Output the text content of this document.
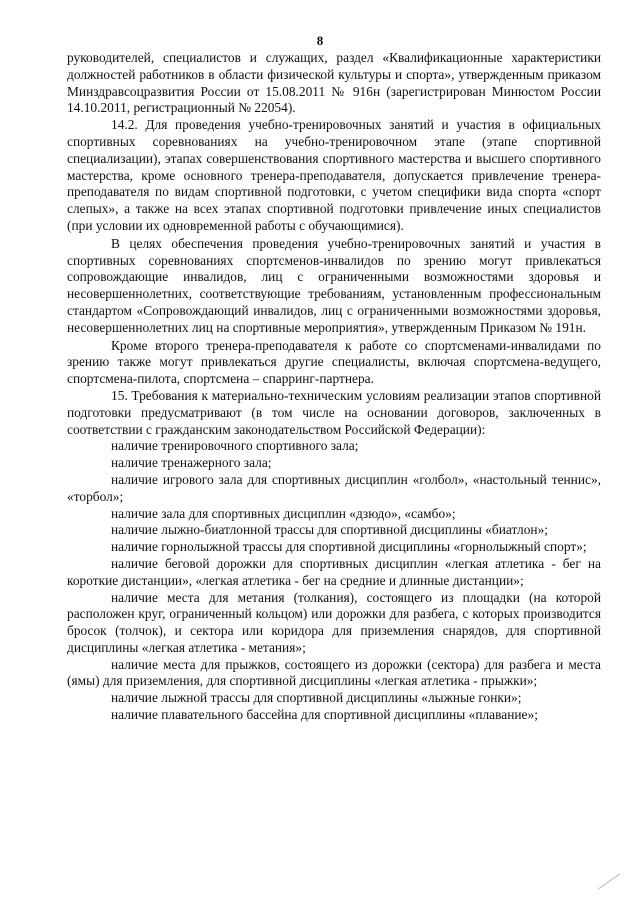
8

руководителей, специалистов и служащих, раздел «Квалификационные характеристики должностей работников в области физической культуры и спорта», утвержденным приказом Минздравсоцразвития России от 15.08.2011 № 916н (зарегистрирован Минюстом России 14.10.2011, регистрационный № 22054).

14.2. Для проведения учебно-тренировочных занятий и участия в официальных спортивных соревнованиях на учебно-тренировочном этапе (этапе спортивной специализации), этапах совершенствования спортивного мастерства и высшего спортивного мастерства, кроме основного тренера-преподавателя, допускается привлечение тренера-преподавателя по видам спортивной подготовки, с учетом специфики вида спорта «спорт слепых», а также на всех этапах спортивной подготовки привлечение иных специалистов (при условии их одновременной работы с обучающимися).

В целях обеспечения проведения учебно-тренировочных занятий и участия в спортивных соревнованиях спортсменов-инвалидов по зрению могут привлекаться сопровождающие инвалидов, лиц с ограниченными возможностями здоровья и несовершеннолетних, соответствующие требованиям, установленным профессиональным стандартом «Сопровождающий инвалидов, лиц с ограниченными возможностями здоровья, несовершеннолетних лиц на спортивные мероприятия», утвержденным Приказом № 191н.

Кроме второго тренера-преподавателя к работе со спортсменами-инвалидами по зрению также могут привлекаться другие специалисты, включая спортсмена-ведущего, спортсмена-пилота, спортсмена – спарринг-партнера.

15. Требования к материально-техническим условиям реализации этапов спортивной подготовки предусматривают (в том числе на основании договоров, заключенных в соответствии с гражданским законодательством Российской Федерации):

наличие тренировочного спортивного зала;

наличие тренажерного зала;

наличие игрового зала для спортивных дисциплин «голбол», «настольный теннис», «торбол»;

наличие зала для спортивных дисциплин «дзюдо», «самбо»;

наличие лыжно-биатлонной трассы для спортивной дисциплины «биатлон»;

наличие горнолыжной трассы для спортивной дисциплины «горнолыжный спорт»;

наличие беговой дорожки для спортивных дисциплин «легкая атлетика - бег на короткие дистанции», «легкая атлетика - бег на средние и длинные дистанции»;

наличие места для метания (толкания), состоящего из площадки (на которой расположен круг, ограниченный кольцом) или дорожки для разбега, с которых производится бросок (толчок), и сектора или коридора для приземления снарядов, для спортивной дисциплины «легкая атлетика - метания»;

наличие места для прыжков, состоящего из дорожки (сектора) для разбега и места (ямы) для приземления, для спортивной дисциплины «легкая атлетика - прыжки»;

наличие лыжной трассы для спортивной дисциплины «лыжные гонки»;

наличие плавательного бассейна для спортивной дисциплины «плавание»;
